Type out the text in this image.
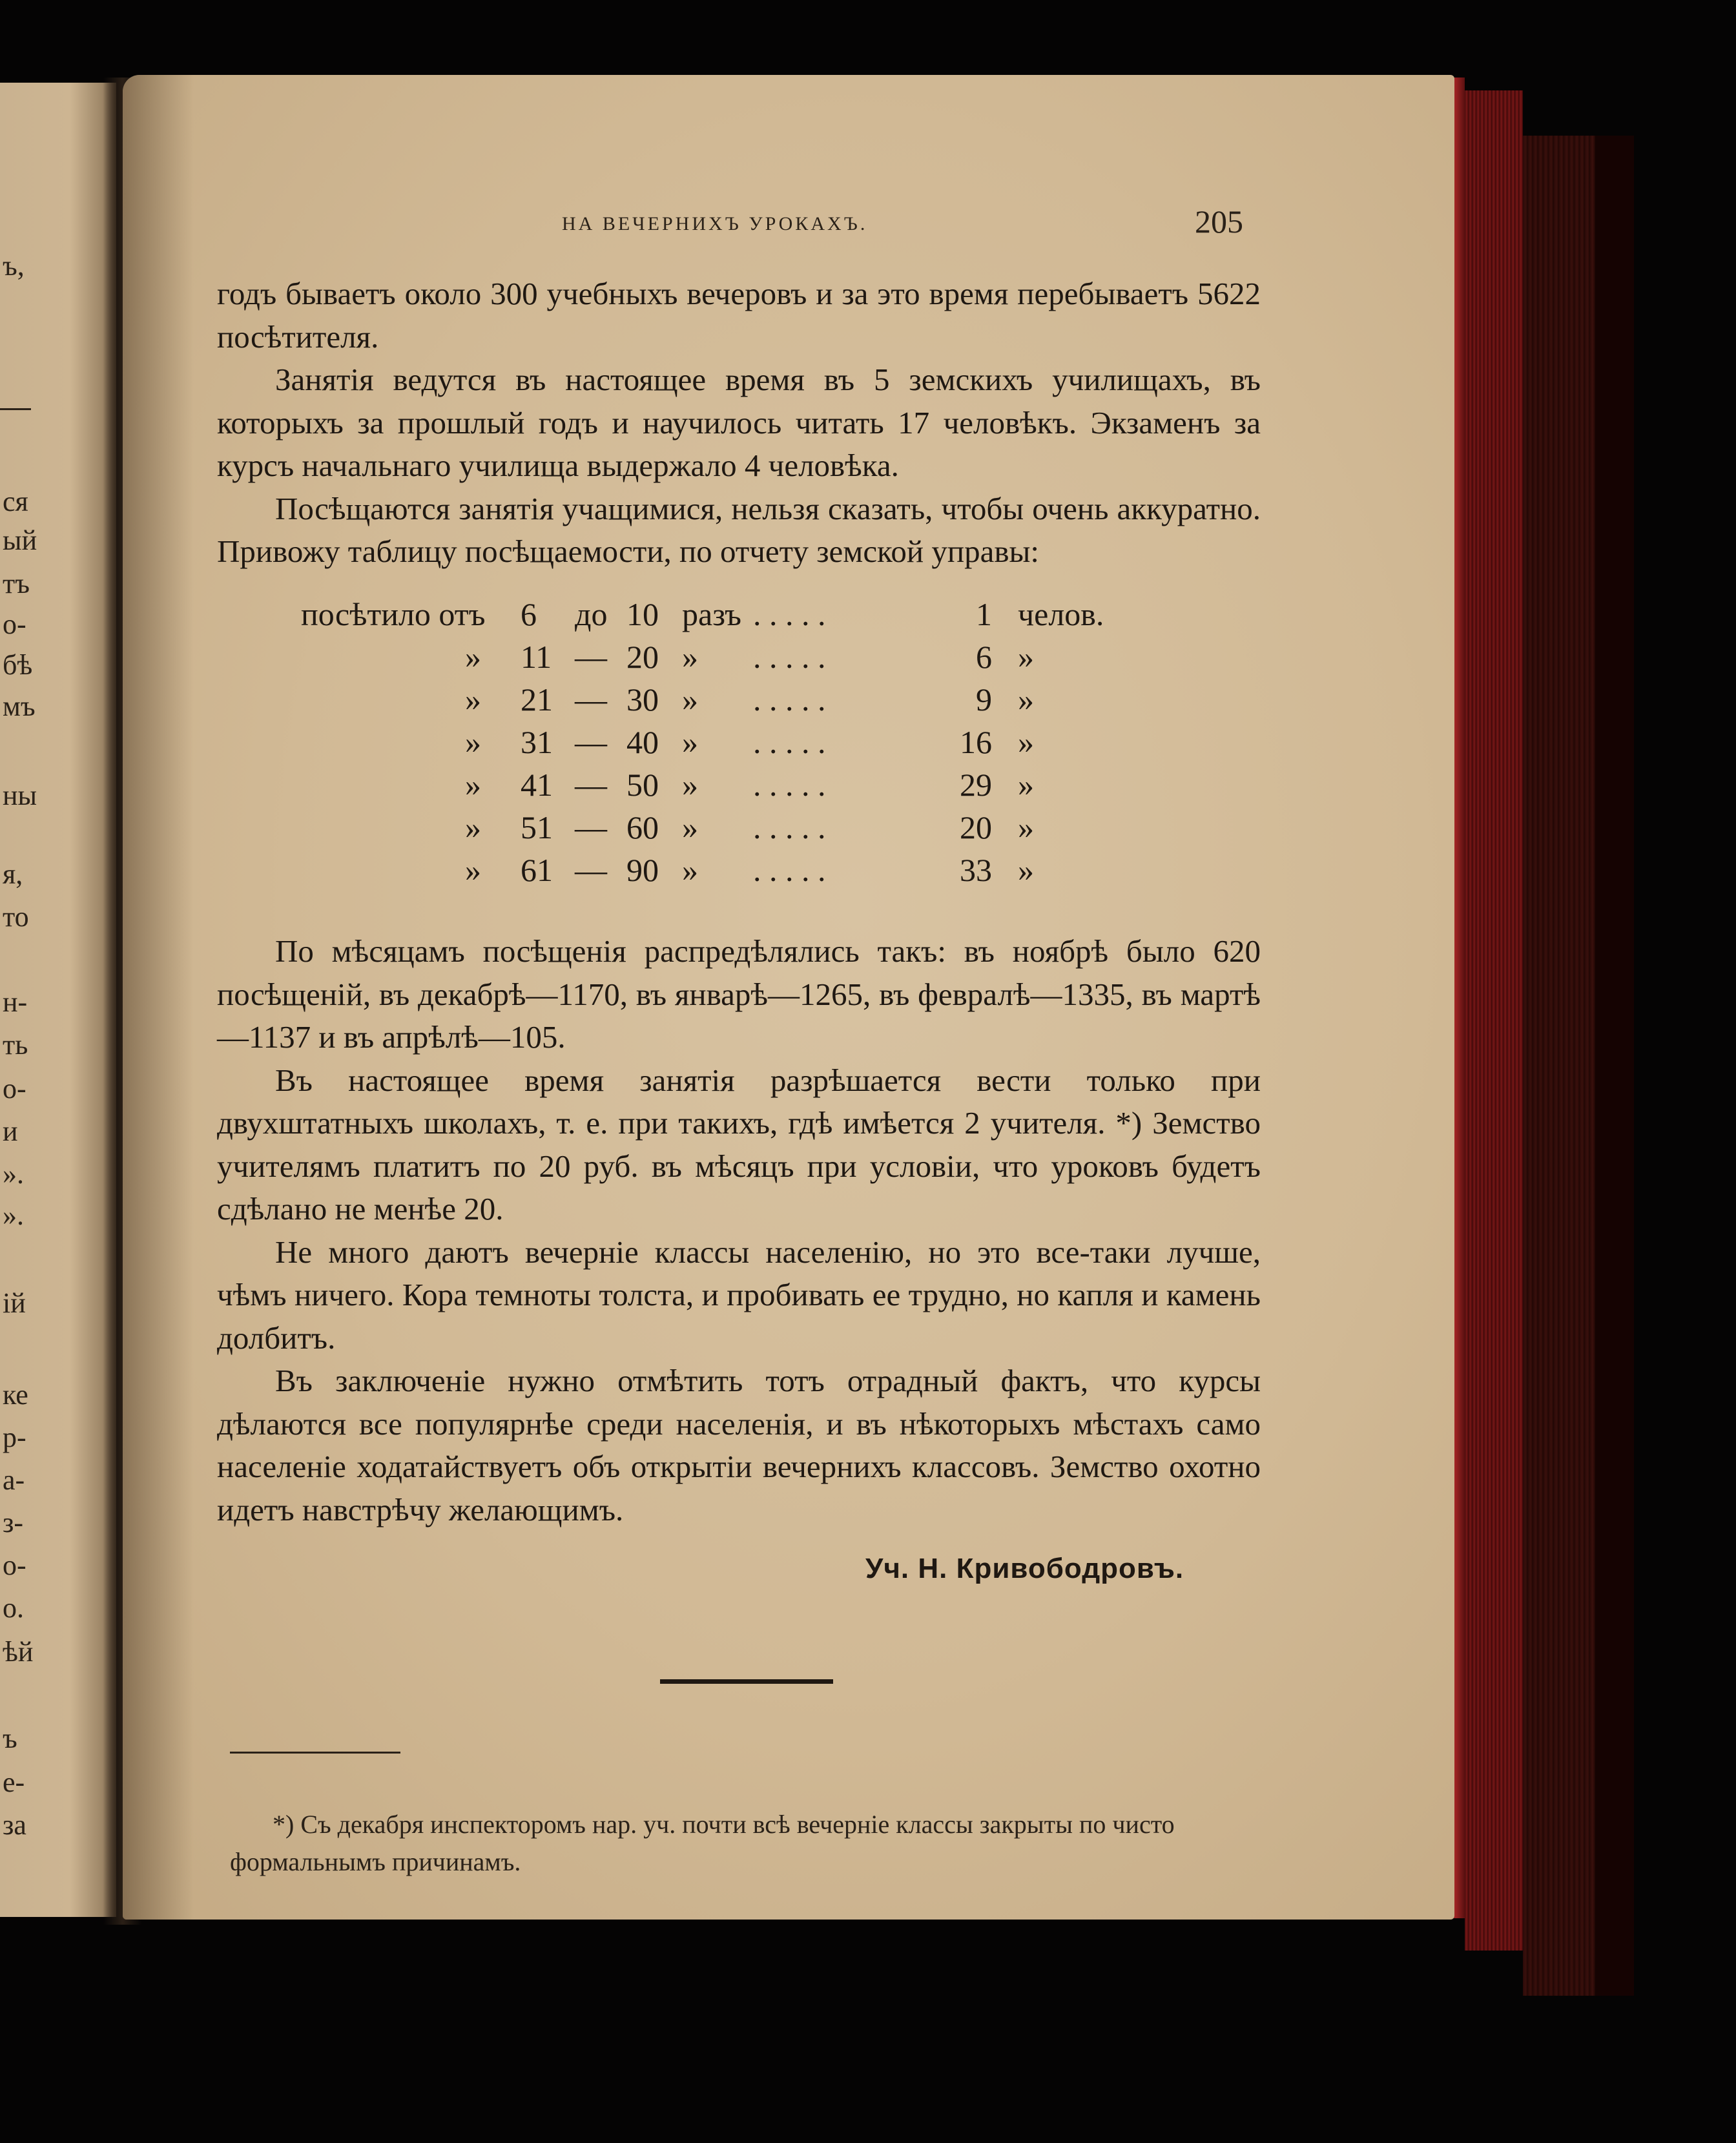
ъ,
ся
ый
тъ
о-
бѣ
мъ
ны
я,
то
н-
ть
о-
и
».
».
ій
ке
р-
а-
з-
о-
о.
ѣй
ъ
е-
за
НА ВЕЧЕРНИХЪ УРОКАХЪ.	205

годъ бываетъ около 300 учебныхъ вечеровъ и за это время перебываетъ 5622 посѣтителя.

Занятія ведутся въ настоящее время въ 5 земскихъ училищахъ, въ которыхъ за прошлый годъ и научилось читать 17 человѣкъ. Экзаменъ за курсъ начальнаго училища выдержало 4 человѣка.

Посѣщаются занятія учащимися, нельзя сказать, чтобы очень аккуратно. Привожу таблицу посѣщаемости, по отчету земской управы:

посѣтило отъ 6 до 10 разъ . . . . .	1 челов.
» 11 — 20 » . . . . .	6 »
» 21 — 30 » . . . . .	9 »
» 31 — 40 » . . . . .	16 »
» 41 — 50 » . . . . .	29 »
» 51 — 60 » . . . . .	20 »
» 61 — 90 » . . . . .	33 »

По мѣсяцамъ посѣщенія распредѣлялись такъ: въ ноябрѣ было 620 посѣщеній, въ декабрѣ—1170, въ январѣ—1265, въ февралѣ—1335, въ мартѣ—1137 и въ апрѣлѣ—105.

Въ настоящее время занятія разрѣшается вести только при двухштатныхъ школахъ, т. е. при такихъ, гдѣ имѣется 2 учителя. *) Земство учителямъ платитъ по 20 руб. въ мѣсяцъ при условіи, что уроковъ будетъ сдѣлано не менѣе 20.

Не много даютъ вечерніе классы населенію, но это все-таки лучше, чѣмъ ничего. Кора темноты толста, и пробивать ее трудно, но капля и камень долбитъ.

Въ заключеніе нужно отмѣтить тотъ отрадный фактъ, что курсы дѣлаются все популярнѣе среди населенія, и въ нѣкоторыхъ мѣстахъ само населеніе ходатайствуетъ объ открытіи вечернихъ классовъ. Земство охотно идетъ навстрѣчу желающимъ.

Уч. Н. Кривободровъ.

*) Съ декабря инспекторомъ нар. уч. почти всѣ вечерніе классы закрыты по чисто формальнымъ причинамъ.
